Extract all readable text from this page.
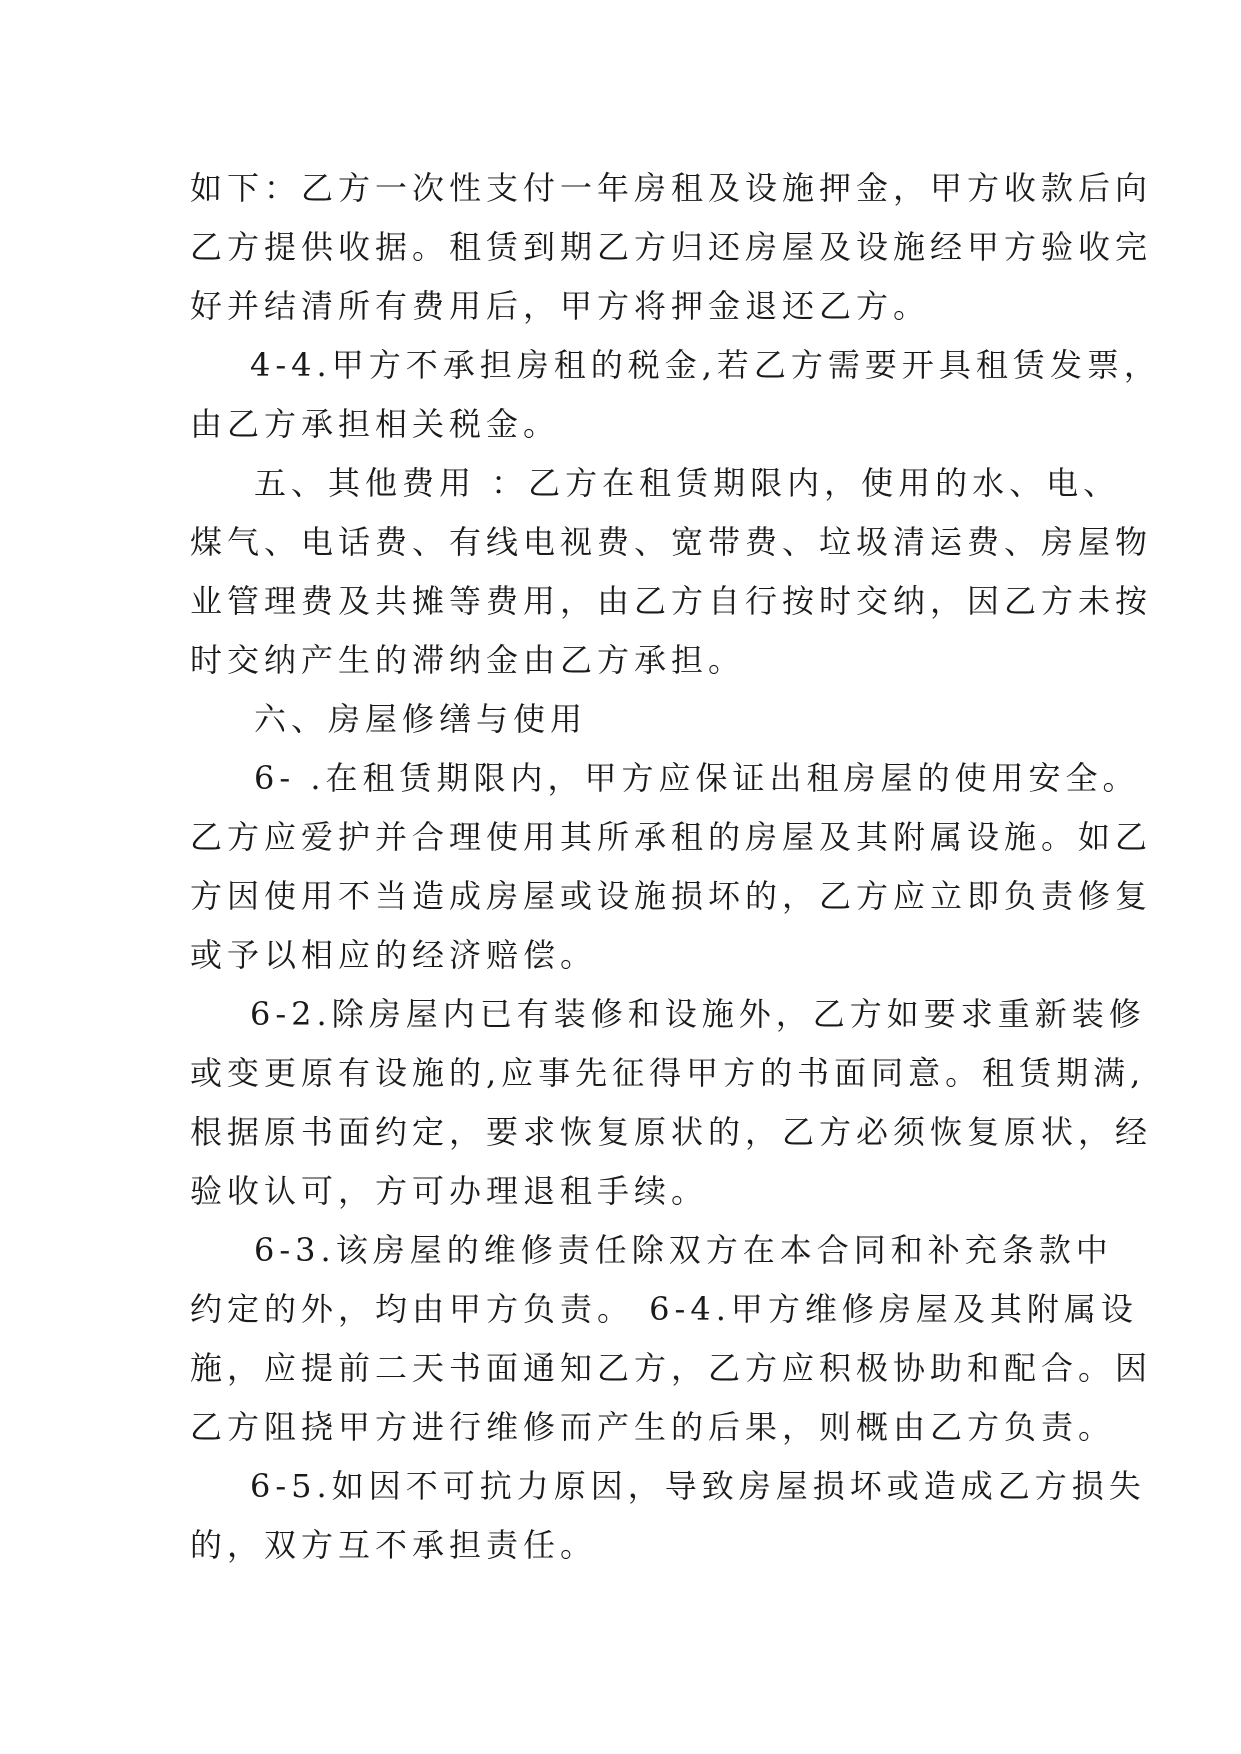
如下：乙方一次性支付一年房租及设施押金，甲方收款后向
乙方提供收据。租赁到期乙方归还房屋及设施经甲方验收完
好并结清所有费用后，甲方将押金退还乙方。
4-4.甲方不承担房租的税金,若乙方需要开具租赁发票，
由乙方承担相关税金。
五、其他费用 ：乙方在租赁期限内，使用的水、电、
煤气、电话费、有线电视费、宽带费、垃圾清运费、房屋物
业管理费及共摊等费用，由乙方自行按时交纳，因乙方未按
时交纳产生的滞纳金由乙方承担。
六、房屋修缮与使用
6- .在租赁期限内，甲方应保证出租房屋的使用安全。
乙方应爱护并合理使用其所承租的房屋及其附属设施。如乙
方因使用不当造成房屋或设施损坏的，乙方应立即负责修复
或予以相应的经济赔偿。
6-2.除房屋内已有装修和设施外，乙方如要求重新装修
或变更原有设施的,应事先征得甲方的书面同意。租赁期满,
根据原书面约定，要求恢复原状的，乙方必须恢复原状，经
验收认可，方可办理退租手续。
6-3.该房屋的维修责任除双方在本合同和补充条款中
约定的外，均由甲方负责。 6-4.甲方维修房屋及其附属设
施，应提前二天书面通知乙方，乙方应积极协助和配合。因
乙方阻挠甲方进行维修而产生的后果，则概由乙方负责。
6-5.如因不可抗力原因，导致房屋损坏或造成乙方损失
的，双方互不承担责任。
